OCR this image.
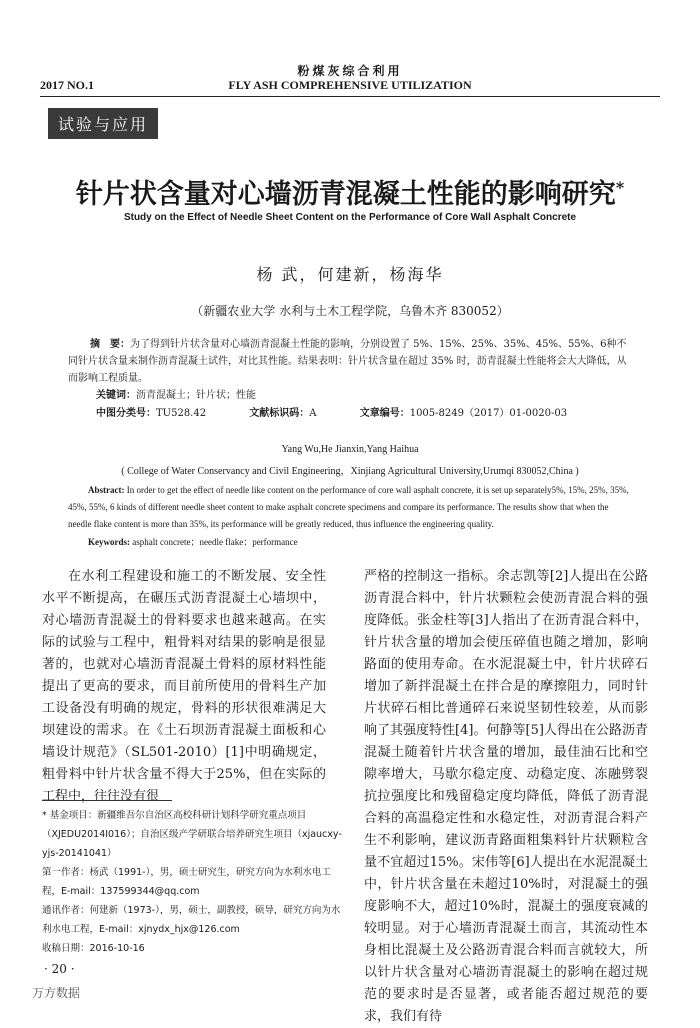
粉煤灰综合利用
2017 NO.1	FLY ASH COMPREHENSIVE UTILIZATION
试验与应用
针片状含量对心墙沥青混凝土性能的影响研究*
Study on the Effect of Needle Sheet Content on the Performance of Core Wall Asphalt Concrete
杨 武，何建新，杨海华
（新疆农业大学 水利与土木工程学院，乌鲁木齐 830052）
摘　要：为了得到针片状含量对心墙沥青混凝土性能的影响，分别设置了 5%、15%、25%、35%、45%、55%、6种不同针片状含量来制作沥青混凝土试件，对比其性能。结果表明：针片状含量在超过 35% 时，沥青混凝土性能将会大大降低，从而影响工程质量。
关键词：沥青混凝土；针片状；性能
中图分类号：TU528.42	文献标识码：A	文章编号：1005-8249（2017）01-0020-03
Yang Wu,He Jianxin,Yang Haihua
( College of Water Conservancy and Civil Engineering，Xinjiang Agricultural University,Urumqi 830052,China )
Abstract: In order to get the effect of needle like content on the performance of core wall asphalt concrete, it is set up separately5%, 15%, 25%, 35%, 45%, 55%, 6 kinds of different needle sheet content to make asphalt concrete specimens and compare its performance. The results show that when the needle flake content is more than 35%, its performance will be greatly reduced, thus influence the engineering quality.
Keywords: asphalt concrete；needle flake；performance

在水利工程建设和施工的不断发展、安全性水平不断提高，在碾压式沥青混凝土心墙坝中，对心墙沥青混凝土的骨料要求也越来越高。在实际的试验与工程中，粗骨料对结果的影响是很显著的，也就对心墙沥青混凝土骨料的原材料性能提出了更高的要求，而目前所使用的骨料生产加工设备没有明确的规定，骨料的形状很难满足大坝建设的需求。在《土石坝沥青混凝土面板和心墙设计规范》（SL501-2010）[1]中明确规定，粗骨料中针片状含量不得大于25%，但在实际的工程中，往往没有很

严格的控制这一指标。余志凯等[2]人提出在公路沥青混合料中，针片状颗粒会使沥青混合料的强度降低。张金柱等[3]人指出了在沥青混合料中，针片状含量的增加会使压碎值也随之增加，影响路面的使用寿命。在水泥混凝土中，针片状碎石增加了新拌混凝土在拌合是的摩擦阻力，同时针片状碎石相比普通碎石来说坚韧性较差，从而影响了其强度特性[4]。何静等[5]人得出在公路沥青混凝土随着针片状含量的增加，最佳油石比和空隙率增大，马歇尔稳定度、动稳定度、冻融劈裂抗拉强度比和残留稳定度均降低，降低了沥青混合料的高温稳定性和水稳定性，对沥青混合料产生不利影响，建议沥青路面粗集料针片状颗粒含量不宜超过15%。宋伟等[6]人提出在水泥混凝土中，针片状含量在未超过10%时，对混凝土的强度影响不大，超过10%时，混凝土的强度衰减的较明显。对于心墙沥青混凝土而言，其流动性本身相比混凝土及公路沥青混合料而言就较大，所以针片状含量对心墙沥青混凝土的影响在超过规范的要求时是否显著，或者能否超过规范的要求，我们有待

* 基金项目：新疆维吾尔自治区高校科研计划科学研究重点项目（XJEDU2014I016）；自治区级产学研联合培养研究生项目（xjaucxy-yjs-20141041）

第一作者：杨武（1991-），男，硕士研究生，研究方向为水利水电工程，E-mail：137599344@qq.com

通讯作者：何建新（1973-），男，硕士，副教授，硕导，研究方向为水利水电工程，E-mail：xjnydx_hjx@126.com

收稿日期：2016-10-16

· 20 ·
万方数据
